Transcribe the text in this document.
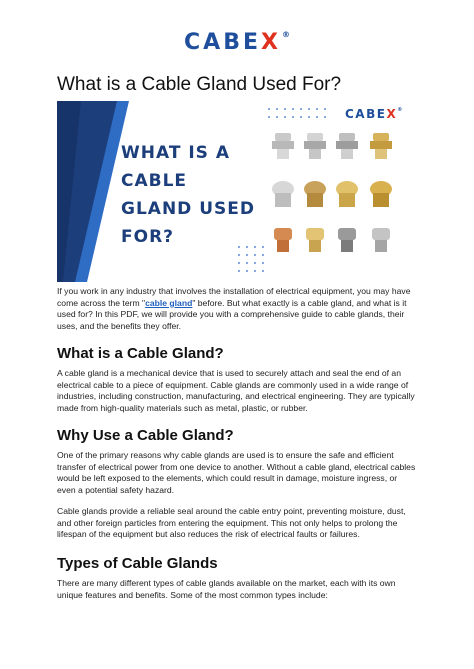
CABEX®
What is a Cable Gland Used For?
WHAT IS A
CABLE
GLAND USED
FOR?
CABEX®

If you work in any industry that involves the installation of electrical equipment, you may have come across the term "cable gland" before. But what exactly is a cable gland, and what is it used for? In this PDF, we will provide you with a comprehensive guide to cable glands, their uses, and the benefits they offer.

What is a Cable Gland?

A cable gland is a mechanical device that is used to securely attach and seal the end of an electrical cable to a piece of equipment. Cable glands are commonly used in a wide range of industries, including construction, manufacturing, and electrical engineering. They are typically made from high-quality materials such as metal, plastic, or rubber.

Why Use a Cable Gland?

One of the primary reasons why cable glands are used is to ensure the safe and efficient transfer of electrical power from one device to another. Without a cable gland, electrical cables would be left exposed to the elements, which could result in damage, moisture ingress, or even a potential safety hazard.

Cable glands provide a reliable seal around the cable entry point, preventing moisture, dust, and other foreign particles from entering the equipment. This not only helps to prolong the lifespan of the equipment but also reduces the risk of electrical faults or failures.

Types of Cable Glands

There are many different types of cable glands available on the market, each with its own unique features and benefits. Some of the most common types include:
